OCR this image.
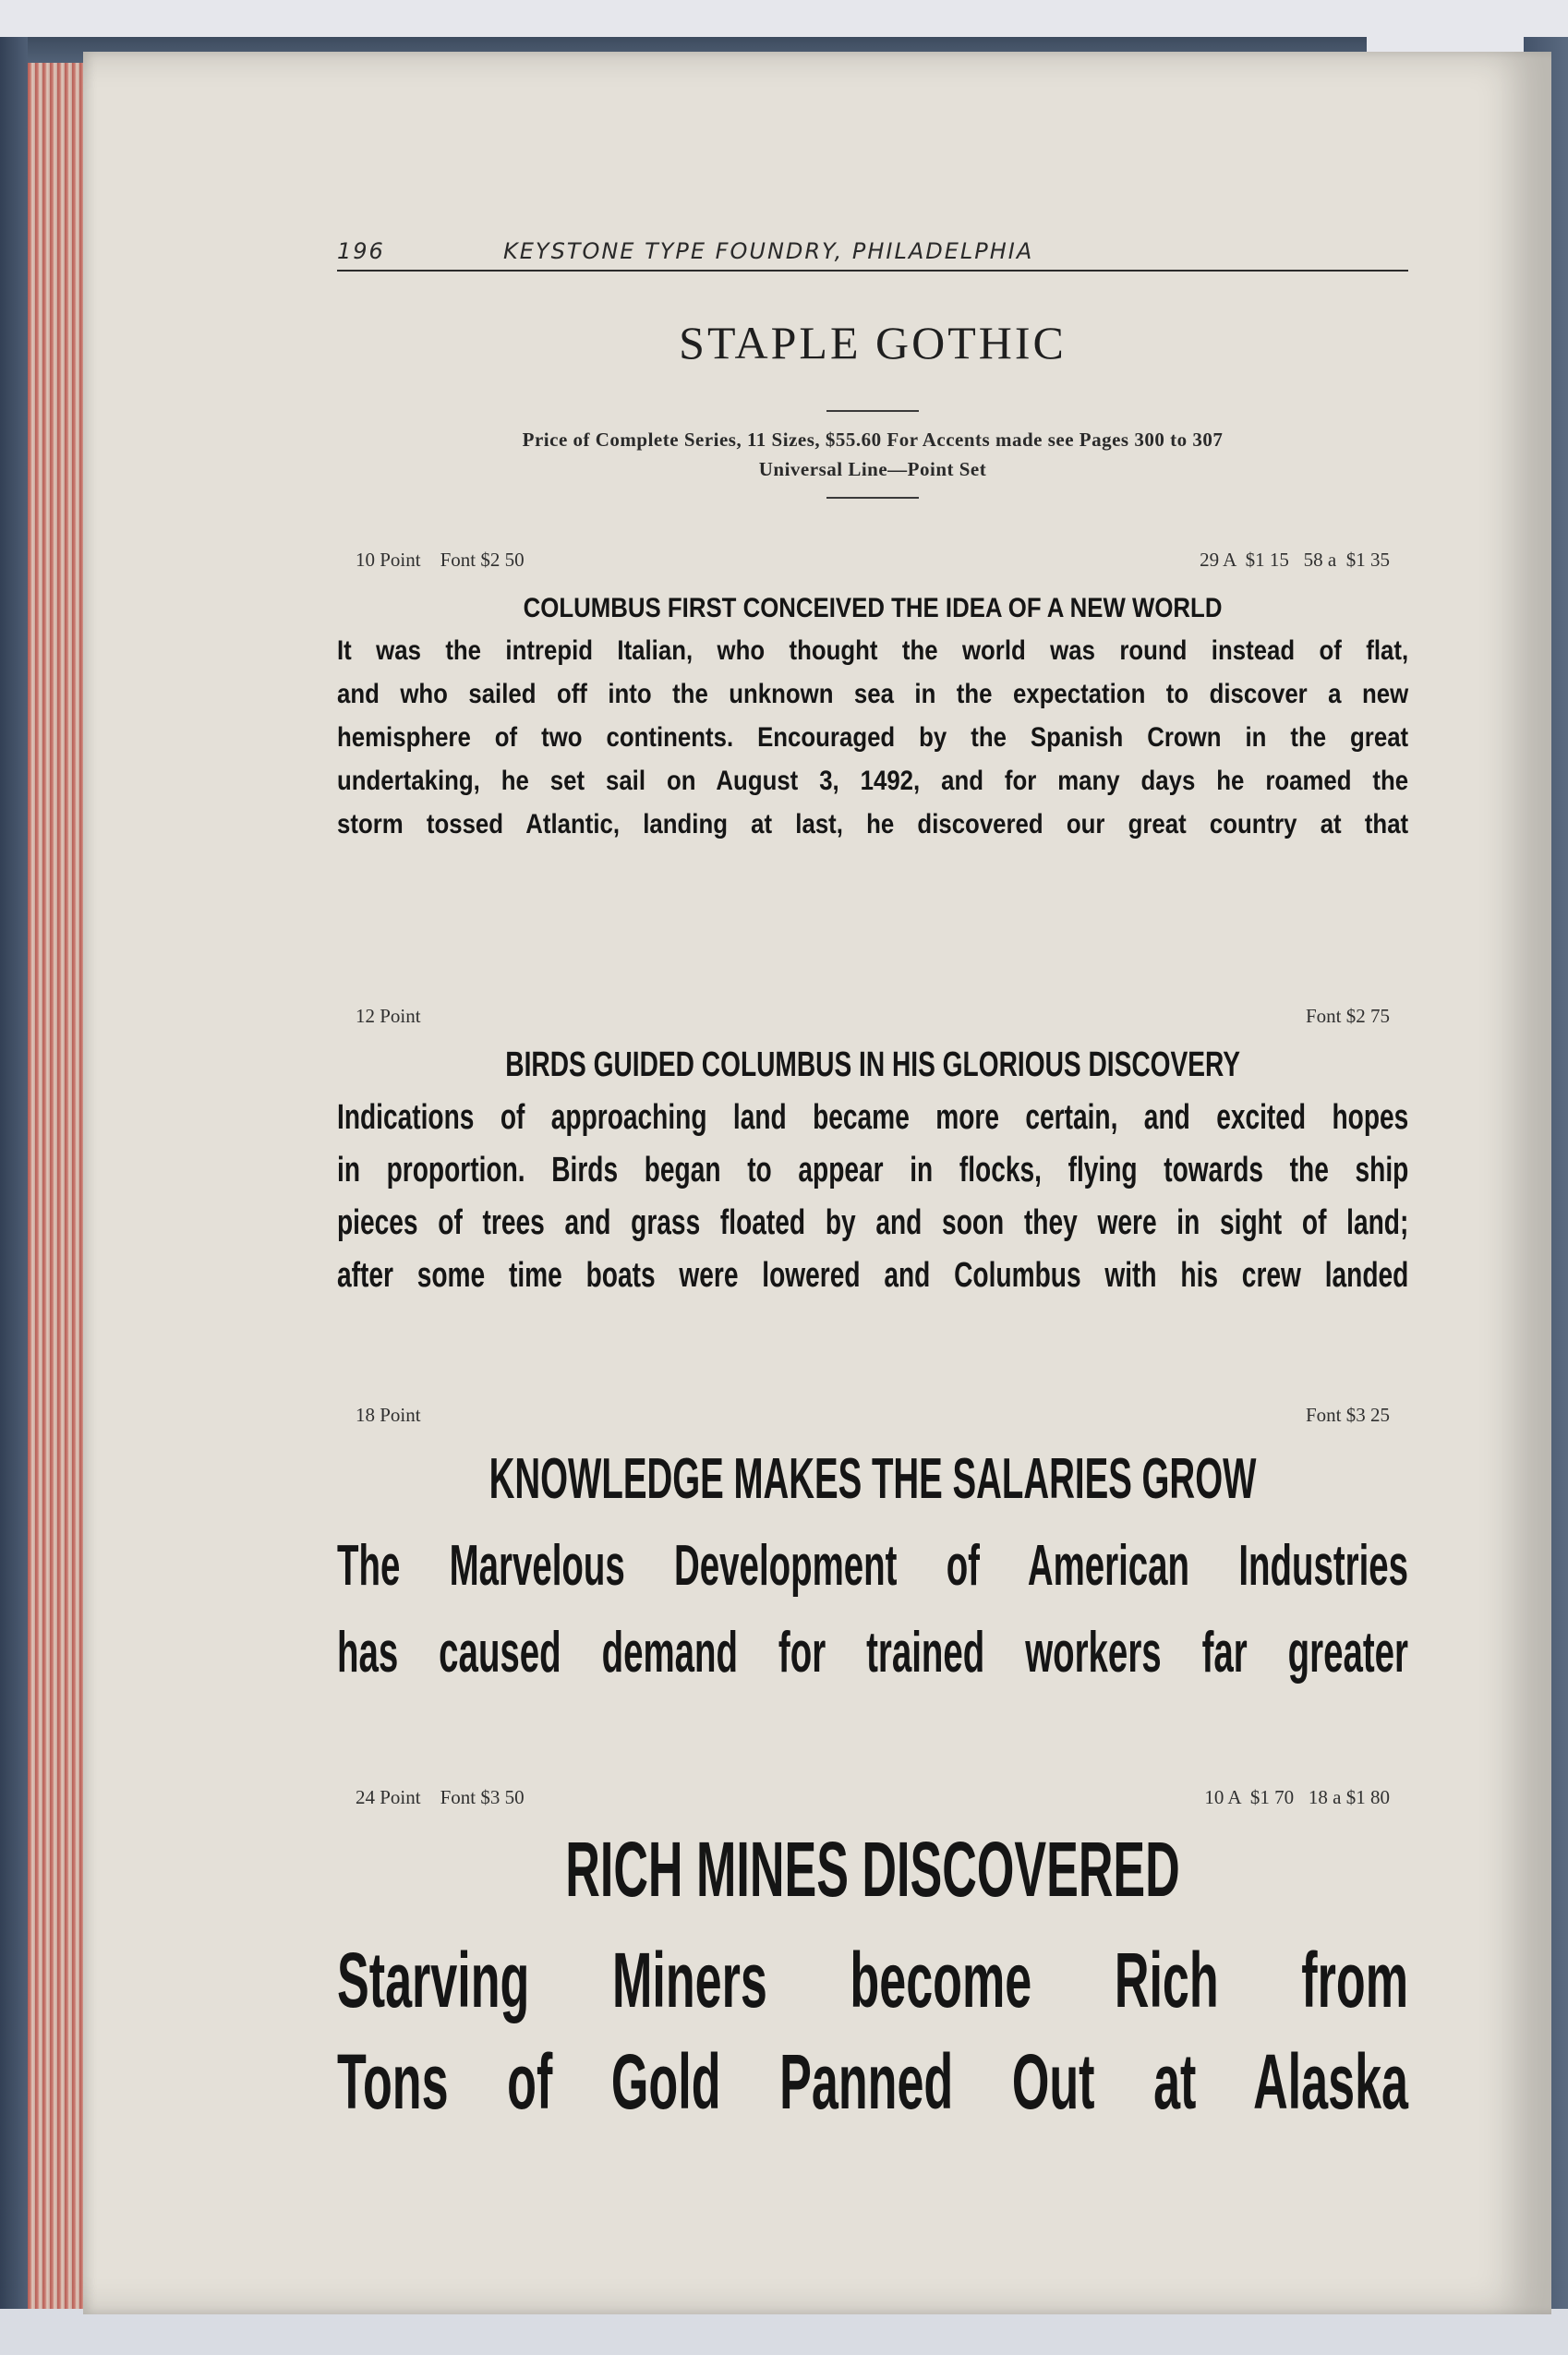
196	KEYSTONE TYPE FOUNDRY, PHILADELPHIA
STAPLE GOTHIC
Price of Complete Series, 11 Sizes, $55.60 For Accents made see Pages 300 to 307
Universal Line—Point Set
10 Point    Font $2 50	29 A  $1 15   58 a  $1 35
COLUMBUS FIRST CONCEIVED THE IDEA OF A NEW WORLD
It was the intrepid Italian, who thought the world was round instead of flat,
and who sailed off into the unknown sea in the expectation to discover a new
hemisphere of two continents. Encouraged by the Spanish Crown in the great
undertaking, he set sail on August 3, 1492, and for many days he roamed the
storm tossed Atlantic, landing at last, he discovered our great country at that
12 Point	Font $2 75
BIRDS GUIDED COLUMBUS IN HIS GLORIOUS DISCOVERY
Indications of approaching land became more certain, and excited hopes
in proportion. Birds began to appear in flocks, flying towards the ship
pieces of trees and grass floated by and soon they were in sight of land;
after some time boats were lowered and Columbus with his crew landed
18 Point	Font $3 25
KNOWLEDGE MAKES THE SALARIES GROW
The Marvelous Development of American Industries
has caused demand for trained workers far greater
24 Point    Font $3 50	10 A  $1 70   18 a $1 80
RICH MINES DISCOVERED
Starving Miners become Rich from
Tons of Gold Panned Out at Alaska
